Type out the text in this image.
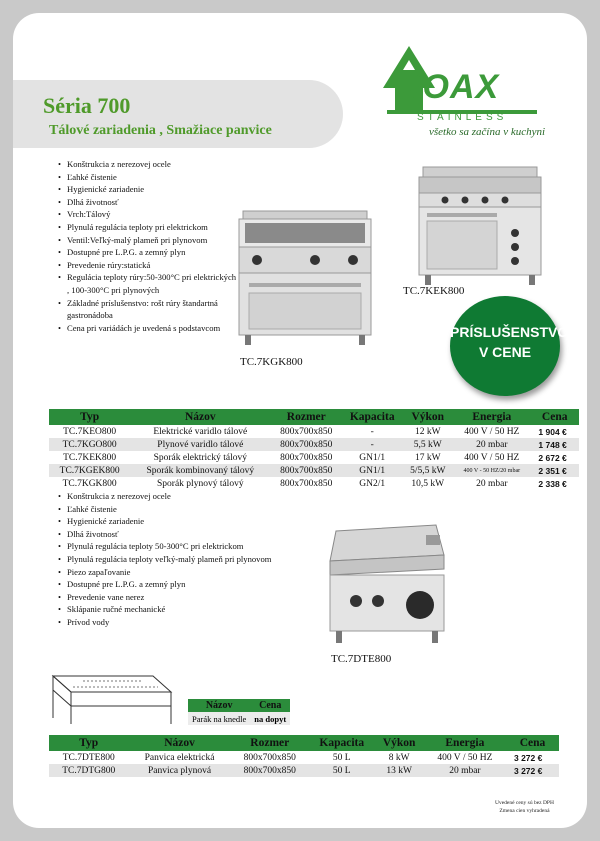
Séria 700
Tálové zariadenia , Smažiace panvice
ROAX
STAINLESS
všetko sa začína v kuchyni
• Konštrukcia z nerezovej ocele
• Ľahké čistenie
• Hygienické zariadenie
• Dlhá životnosť
• Vrch:Tálový
• Plynulá regulácia teploty pri elektrickom
• Ventil:Veľký-malý plameň pri plynovom
• Dostupné pre L.P.G. a zemný plyn
• Prevedenie rúry:statická
• Regulácia teploty rúry:50-300°C pri elektrických , 100-300°C pri plynových
• Základné príslušenstvo: rošt rúry štandartná gastronádoba
• Cena pri variádách je uvedená s podstavcom
TC.7KGK800
TC.7KEK800
PRÍSLUŠENSTVO
V CENE
Typ	Názov	Rozmer	Kapacita	Výkon	Energia	Cena
TC.7KEO800	Elektrické varidlo tálové	800x700x850	-	12 kW	400 V / 50 HZ	1 904 €
TC.7KGO800	Plynové varidlo tálové	800x700x850	-	5,5 kW	20 mbar	1 748 €
TC.7KEK800	Sporák elektrický tálový	800x700x850	GN1/1	17 kW	400 V / 50 HZ	2 672 €
TC.7KGEK800	Sporák kombinovaný tálový	800x700x850	GN1/1	5/5,5 kW	400 V - 50 HZ/20 mbar	2 351 €
TC.7KGK800	Sporák plynový tálový	800x700x850	GN2/1	10,5 kW	20 mbar	2 338 €
• Konštrukcia z nerezovej ocele
• Ľahké čistenie
• Hygienické zariadenie
• Dlhá životnosť
• Plynulá regulácia teploty 50-300°C pri elektrickom
• Plynulá regulácia teploty veľký-malý plameň pri plynovom
• Piezo zapaľovanie
• Dostupné pre L.P.G. a zemný plyn
• Prevedenie vane nerez
• Sklápanie ručné mechanické
• Prívod vody
TC.7DTE800
Názov	Cena
Parák na knedle	na dopyt
Typ	Názov	Rozmer	Kapacita	Výkon	Energia	Cena
TC.7DTE800	Panvica elektrická	800x700x850	50 L	8 kW	400 V / 50 HZ	3 272 €
TC.7DTG800	Panvica plynová	800x700x850	50 L	13 kW	20 mbar	3 272 €
Uvedené ceny sú bez DPH
Zmena cien vyhradená
